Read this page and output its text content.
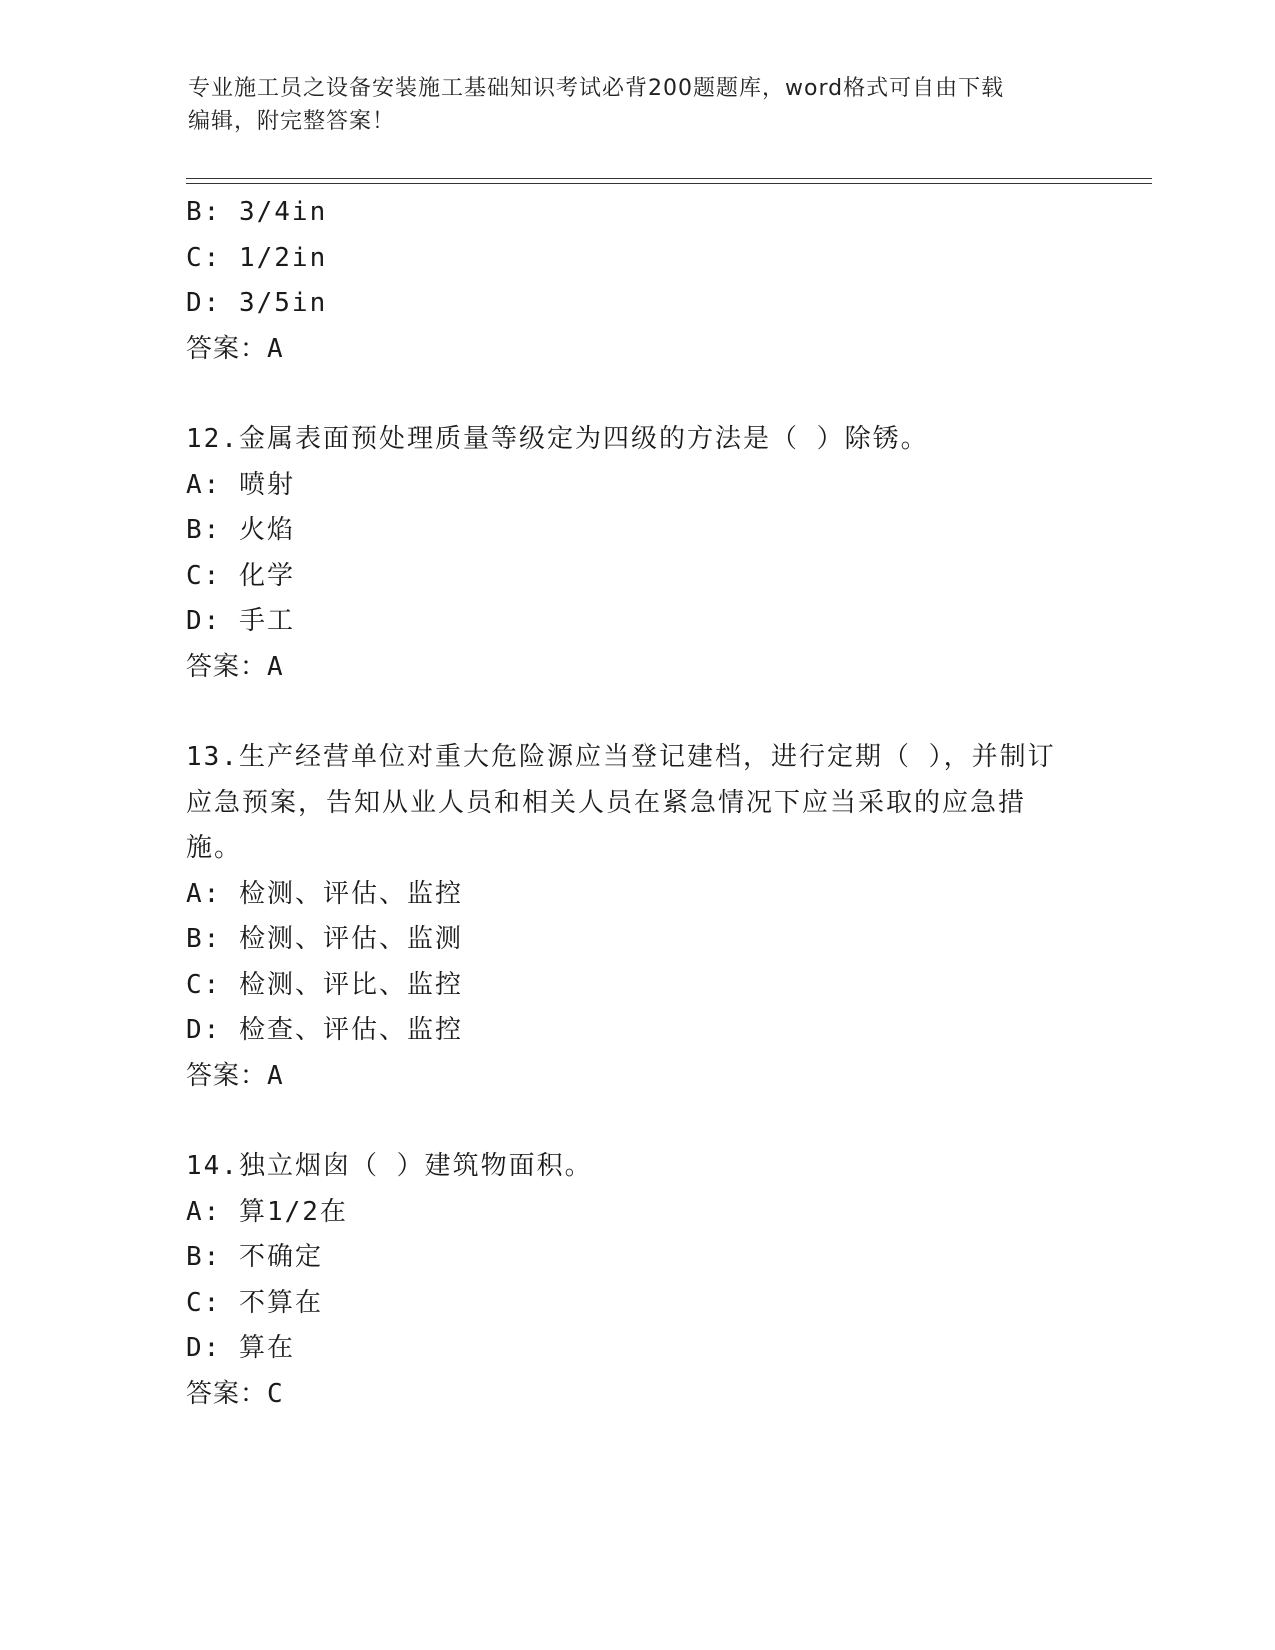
专业施工员之设备安装施工基础知识考试必背200题题库，word格式可自由下载
编辑，附完整答案！
B: 3/4in
C: 1/2in
D: 3/5in
答案：A
12.金属表面预处理质量等级定为四级的方法是（ ）除锈。
A: 喷射
B: 火焰
C: 化学
D: 手工
答案：A
13.生产经营单位对重大危险源应当登记建档，进行定期（ ），并制订应急预案，告知从业人员和相关人员在紧急情况下应当采取的应急措施。
A: 检测、评估、监控
B: 检测、评估、监测
C: 检测、评比、监控
D: 检查、评估、监控
答案：A
14.独立烟囱（ ）建筑物面积。
A: 算1/2在
B: 不确定
C: 不算在
D: 算在
答案：C
